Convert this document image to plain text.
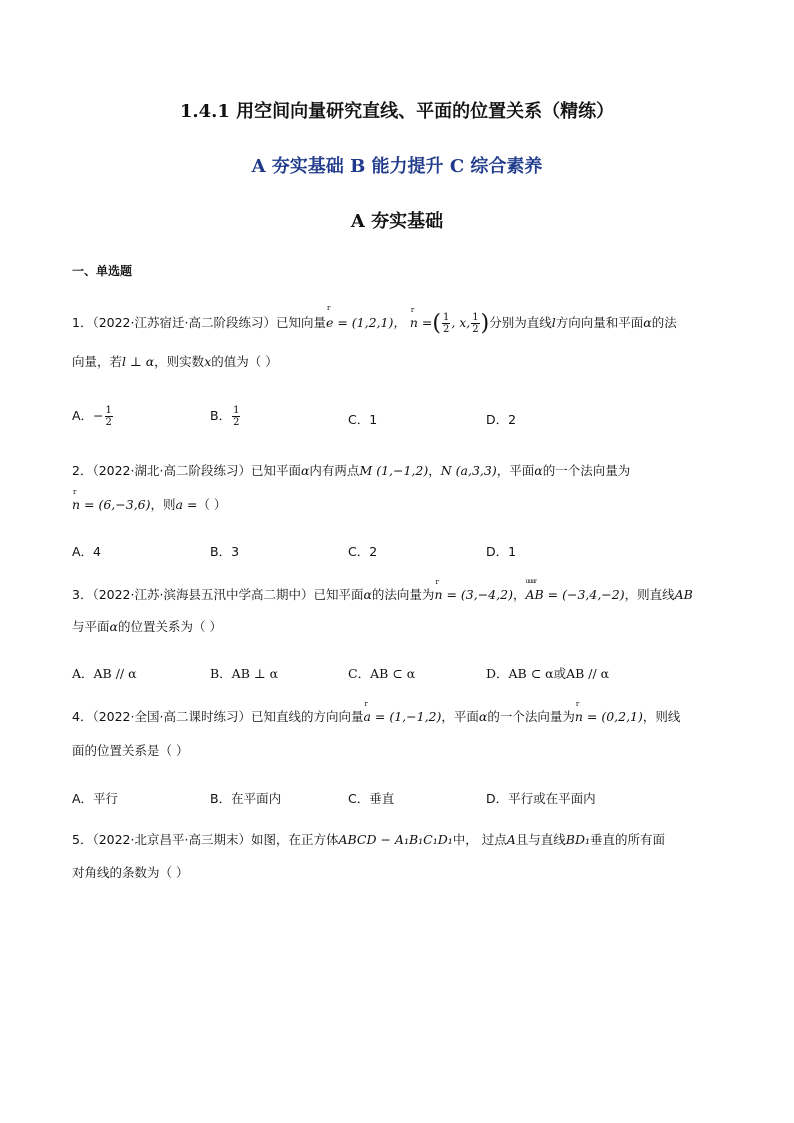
1.4.1 用空间向量研究直线、平面的位置关系（精练）
A 夯实基础 B 能力提升 C 综合素养
A 夯实基础
一、单选题
1．（2022·江苏宿迁·高二阶段练习）已知向量r e = (1,2,1)， r n =( $\frac{1}{2}$ , x, $\frac{1}{2}$ )分别为直线l方向向量和平面α的法
向量，若l ⊥ α，则实数x的值为（ ）
A．− $\frac{1}{2}$	B． $\frac{1}{2}$	C．1	D．2
2．（2022·湖北·高二阶段练习）已知平面α内有两点M (1,−1,2)，N (a,3,3)，平面α的一个法向量为
r n = (6,−3,6)，则a =（ ）
A．4	B．3	C．2	D．1
3．（2022·江苏·滨海县五汛中学高二期中）已知平面α的法向量为r n = (3,−4,2)，uuur AB = (−3,4,−2)，则直线AB
与平面α的位置关系为（ ）
A．AB // α	B．AB ⊥ α	C．AB ⊂ α	D．AB ⊂ α或AB // α
4．（2022·全国·高二课时练习）已知直线的方向向量r a = (1,−1,2)，平面α的一个法向量为r n = (0,2,1)，则线
面的位置关系是（ ）
A．平行	B．在平面内	C．垂直	D．平行或在平面内
5．（2022·北京昌平·高三期末）如图，在正方体ABCD − A₁B₁C₁D₁中， 过点A且与直线BD₁垂直的所有面
对角线的条数为（ ）
